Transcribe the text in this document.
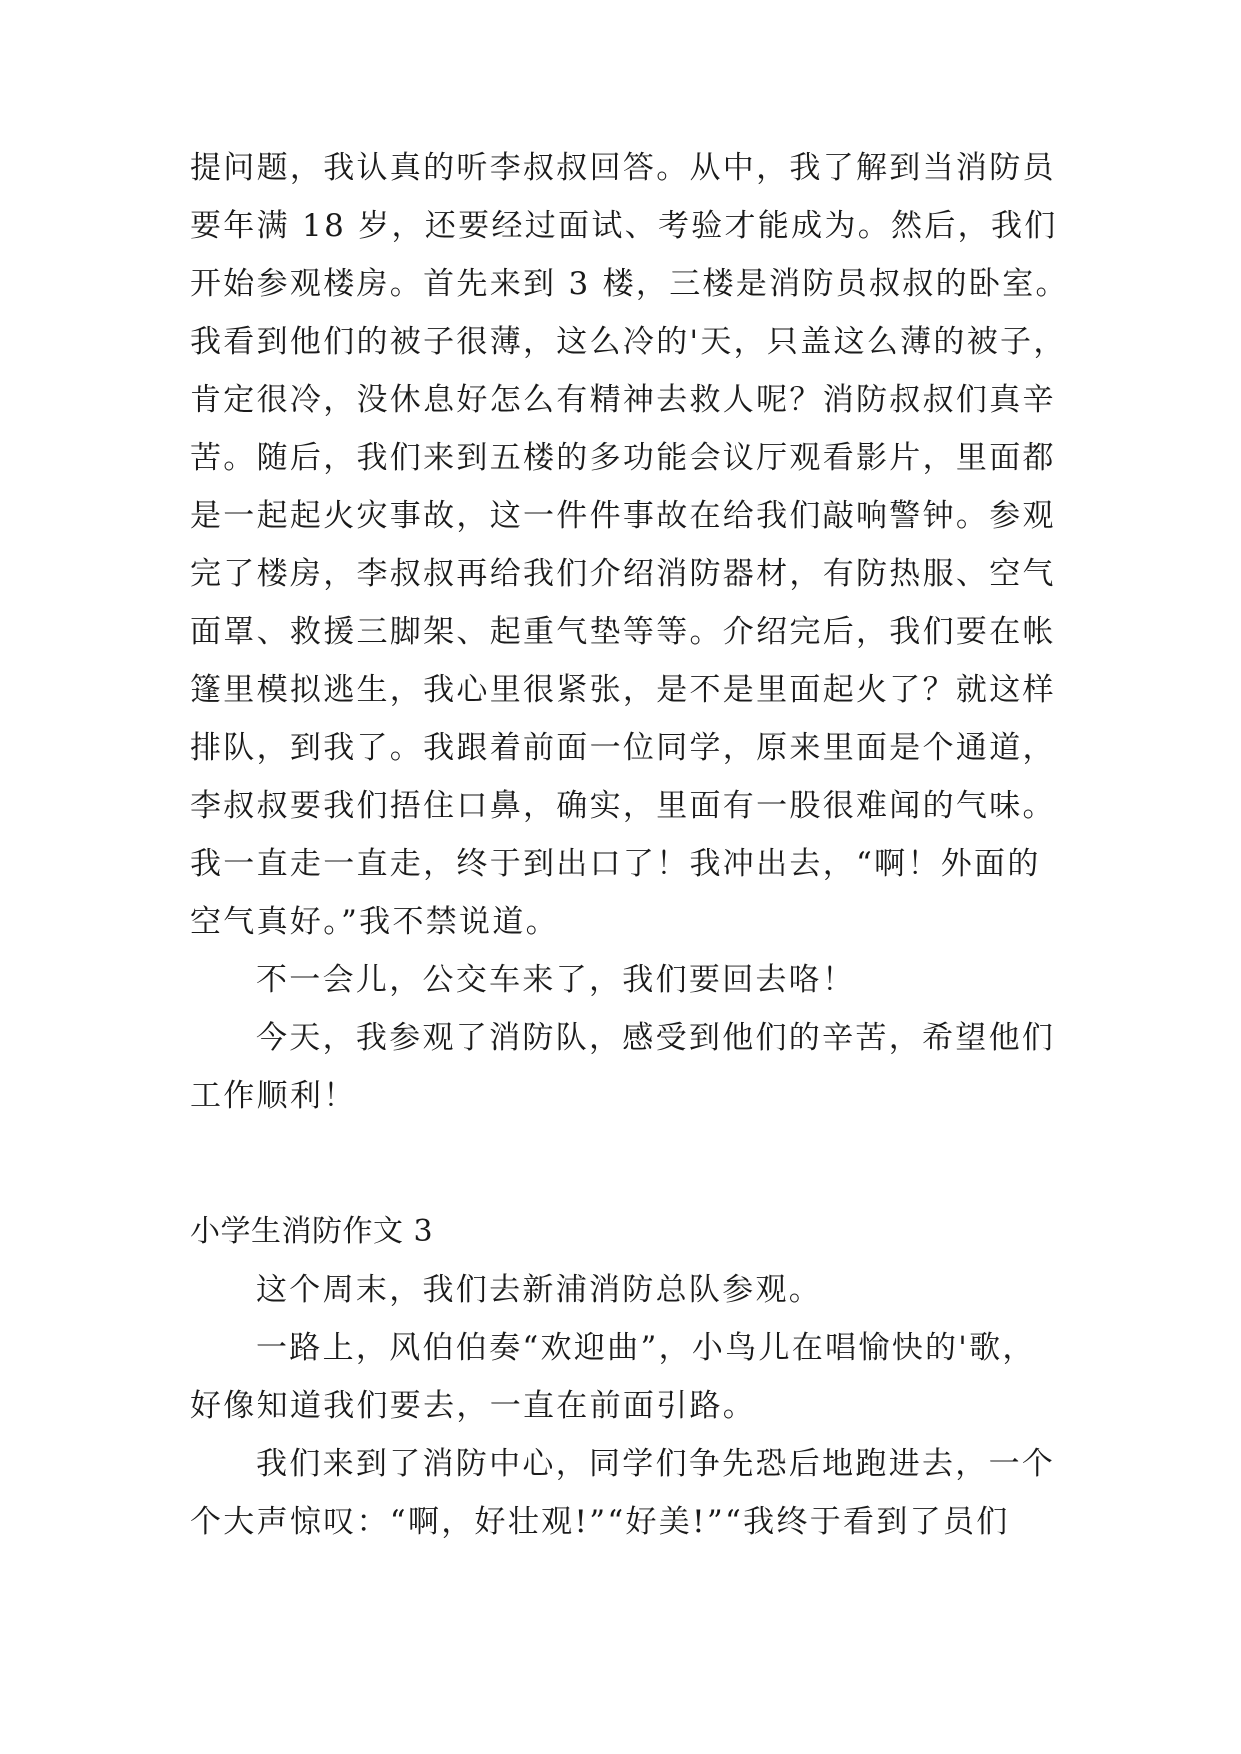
提问题，我认真的听李叔叔回答。从中，我了解到当消防员
要年满 18 岁，还要经过面试、考验才能成为。然后，我们
开始参观楼房。首先来到 3 楼，三楼是消防员叔叔的卧室。
我看到他们的被子很薄，这么冷的'天，只盖这么薄的被子，
肯定很冷，没休息好怎么有精神去救人呢？消防叔叔们真辛
苦。随后，我们来到五楼的多功能会议厅观看影片，里面都
是一起起火灾事故，这一件件事故在给我们敲响警钟。参观
完了楼房，李叔叔再给我们介绍消防器材，有防热服、空气
面罩、救援三脚架、起重气垫等等。介绍完后，我们要在帐
篷里模拟逃生，我心里很紧张，是不是里面起火了？就这样
排队，到我了。我跟着前面一位同学，原来里面是个通道，
李叔叔要我们捂住口鼻，确实，里面有一股很难闻的气味。
我一直走一直走，终于到出口了！我冲出去，“啊！外面的
空气真好。”我不禁说道。
不一会儿，公交车来了，我们要回去咯！
今天，我参观了消防队，感受到他们的辛苦，希望他们
工作顺利！
小学生消防作文 3
这个周末，我们去新浦消防总队参观。
一路上，风伯伯奏“欢迎曲”，小鸟儿在唱愉快的'歌，
好像知道我们要去，一直在前面引路。
我们来到了消防中心，同学们争先恐后地跑进去，一个
个大声惊叹：“啊，好壮观!”“好美!”“我终于看到了员们
